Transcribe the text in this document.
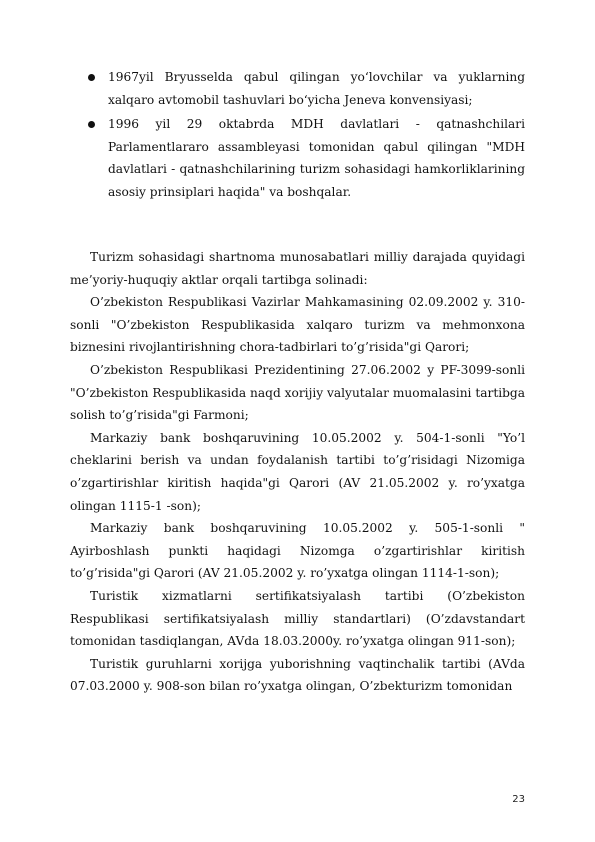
1967yil Bryusselda qabul qilingan yo‘lovchilar va yuklarning xalqaro avtomobil tashuvlari bo‘yicha Jeneva konvensiyasi;
1996 yil 29 oktabrda MDH davlatlari - qatnashchilari Parlamentlararo assambleyasi tomonidan qabul qilingan "MDH davlatlari - qatnashchilarining turizm sohasidagi hamkorliklarining asosiy prinsiplari haqida" va boshqalar.

Turizm sohasidagi shartnoma munosabatlari milliy darajada quyidagi me’yoriy-huquqiy aktlar orqali tartibga solinadi:

O’zbekiston Respublikasi Vazirlar Mahkamasining 02.09.2002 y. 310-sonli "O’zbekiston Respublikasida xalqaro turizm va mehmonxona biznesini rivojlantirishning chora-tadbirlari to’g’risida"gi Qarori;

O’zbekiston Respublikasi Prezidentining 27.06.2002 y PF-3099-sonli "O’zbekiston Respublikasida naqd xorijiy valyutalar muomalasini tartibga solish to’g’risida"gi Farmoni;

Markaziy bank boshqaruvining 10.05.2002 y. 504-1-sonli "Yo’l cheklarini berish va undan foydalanish tartibi to’g’risidagi Nizomiga o’zgartirishlar kiritish haqida"gi Qarori (AV 21.05.2002 y. ro’yxatga olingan 1115-1 -son);

Markaziy bank boshqaruvining 10.05.2002 y. 505-1-sonli " Ayirboshlash punkti haqidagi Nizomga o’zgartirishlar kiritish to’g’risida"gi Qarori (AV 21.05.2002 y. ro’yxatga olingan 1114-1-son);

Turistik xizmatlarni sertifikatsiyalash tartibi (O’zbekiston Respublikasi sertifikatsiyalash milliy standartlari) (O’zdavstandart tomonidan tasdiqlangan, AVda 18.03.2000y. ro’yxatga olingan 911-son);

Turistik guruhlarni xorijga yuborishning vaqtinchalik tartibi (AVda 07.03.2000 y. 908-son bilan ro’yxatga olingan, O’zbekturizm tomonidan

23
